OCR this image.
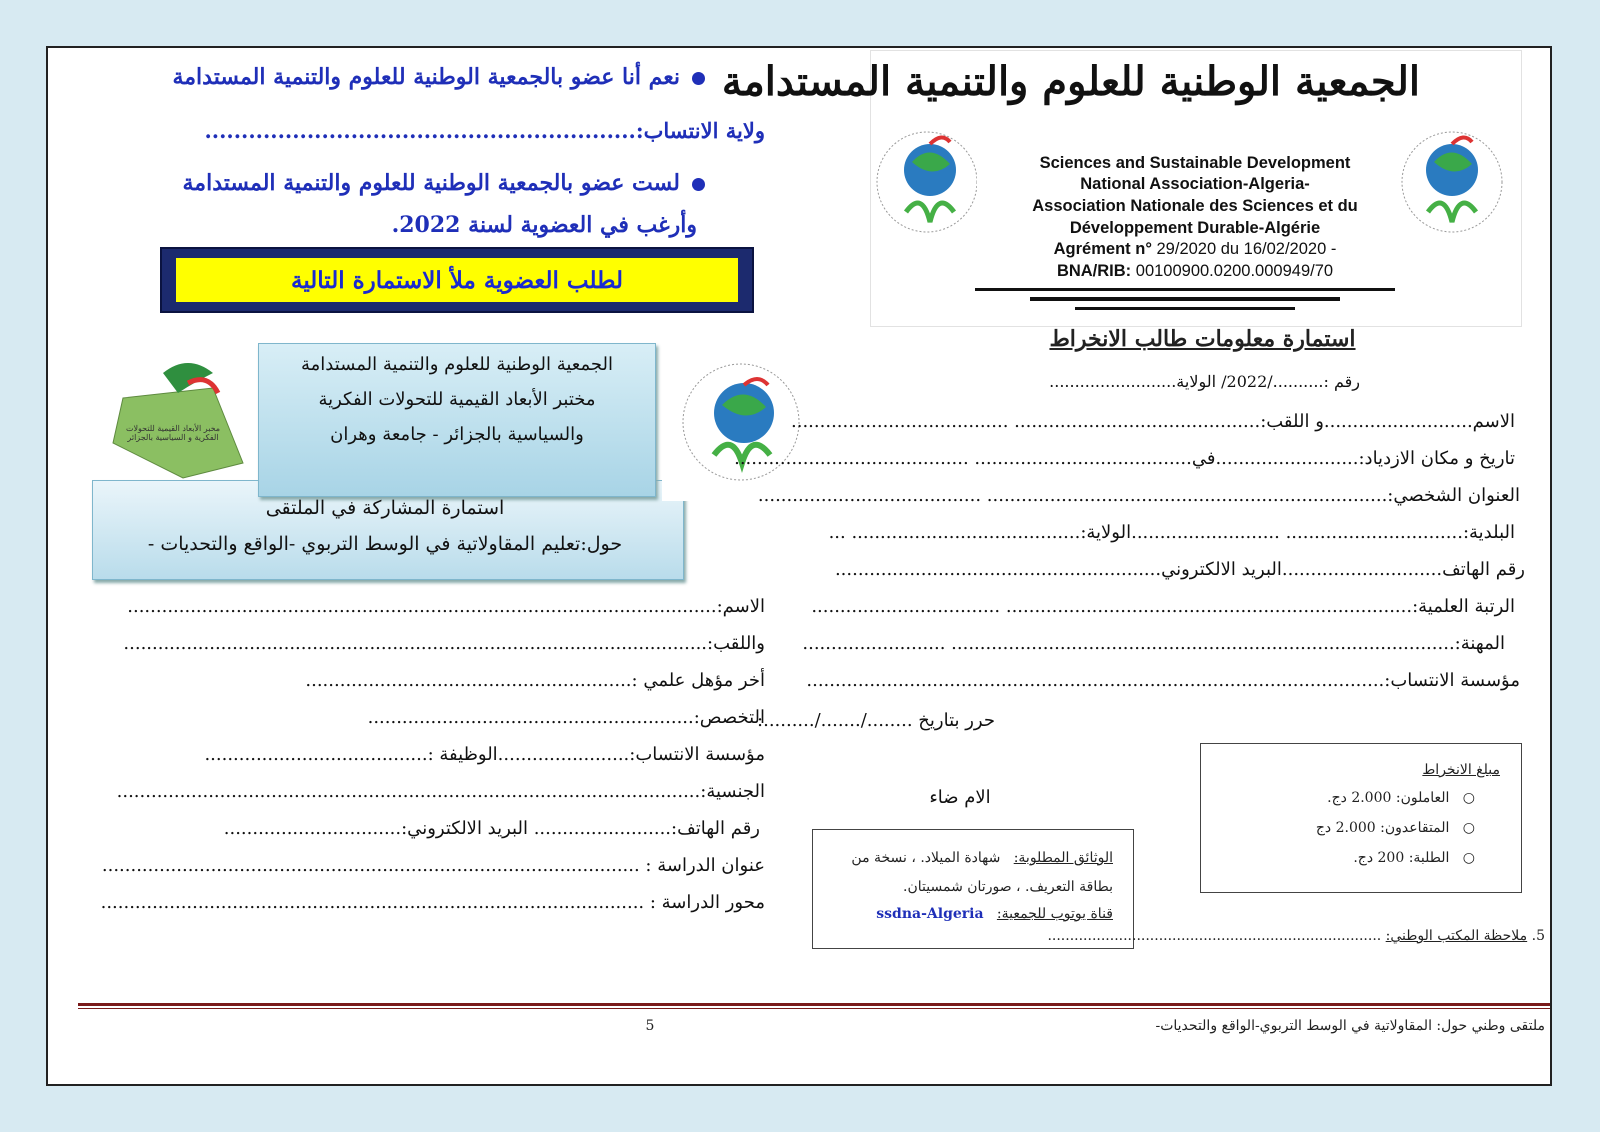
نعم أنا عضو بالجمعية الوطنية للعلوم والتنمية المستدامة
ولاية الانتساب:...........................................................
لست عضو بالجمعية الوطنية للعلوم والتنمية المستدامة
وأرغب في العضوية لسنة 2022.
لطلب العضوية ملأ الاستمارة التالية
الجمعية الوطنية للعلوم والتنمية المستدامة
Sciences and Sustainable Development
National Association-Algeria-
Association Nationale des Sciences et du
Développement Durable-Algérie
Agrément n° 29/2020 du 16/02/2020 -
BNA/RIB: 00100900.0200.000949/70
مخبر الأبعاد القيمية للتحولات الفكرية و السياسية بالجزائر
الجمعية الوطنية للعلوم والتنمية المستدامة
مختبر الأبعاد القيمية للتحولات الفكرية
والسياسية بالجزائر - جامعة وهران
استمارة المشاركة في الملتقى
حول:تعليم المقاولاتية في الوسط التربوي -الواقع والتحديات -
الاسم:.......................................................................................................
واللقب:......................................................................................................
أخر مؤهل علمي :.........................................................
التخصص:.........................................................
مؤسسة الانتساب:.......................الوظيفة :.......................................
الجنسية:......................................................................................................
رقم الهاتف:........................ البريد الالكتروني:...............................
عنوان الدراسة : ..............................................................................................
محور الدراسة : ...............................................................................................
استمارة معلومات طالب الانخراط
رقم :........../2022/ الولاية.........................
الاسم..........................و اللقب:........................................... ......................................
تاريخ و مكان الازدياد:.........................في...................................... .........................................
العنوان الشخصي:...................................................................... .......................................
البلدية:............................... ..........................الولاية:........................................ ...
رقم الهاتف............................البريد الالكتروني.........................................................
الرتبة العلمية:....................................................................... .................................
المهنة:........................................................................................ .........................
مؤسسة الانتساب:.....................................................................................................
حرر بتاريخ ......../......./.........:
الام ضاء
مبلغ الانخراط
○   العاملون: 2.000 دج.
○   المتقاعدون: 2.000 دج
○   الطلبة: 200 دج.
الوثائق المطلوبة:   شهادة الميلاد. ، نسخة من
بطاقة التعريف. ، صورتان شمسيتان.
قناة يوتوب للجمعية:   ssdna-Algeria
5. ملاحظة المكتب الوطني: ...........................................................................
ملتقى وطني حول: المقاولاتية في الوسط التربوي-الواقع والتحديات-
5
